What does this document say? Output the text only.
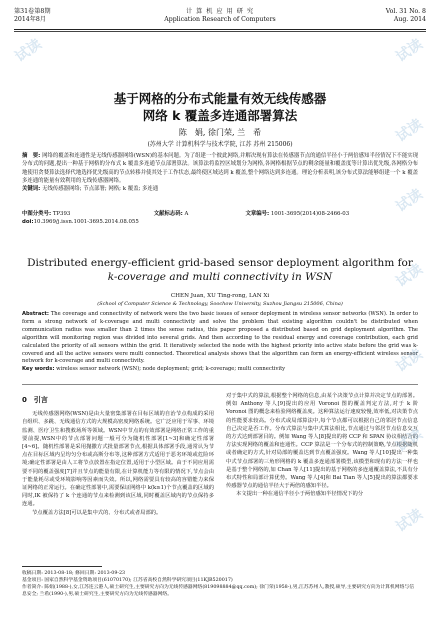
第31卷第8期
2014年8月
计 算 机 应 用 研 究
Application Research of Computers
Vol. 31 No. 8
Aug. 2014
基于网格的分布式能量有效无线传感器
网络 k 覆盖多连通部署算法
陈　娟, 徐门荣, 兰　希
(苏州大学 计算机科学与技术学院, 江苏 苏州 215006)
摘　要: 网络的覆盖和连通性是无线传感器网络(WSN)的基本问题。为了组建一个彼此网络,并解决现有算法在传感器节点的通信半径小于两倍感知半径情况下不能实现分布式的问题,提出一种基于网格的分布式 k 覆盖多连通节点部署算法。该算法将监控区域划分为网格,各网格根据节点的剩余能量和覆盖度等计算出优先级,各网格分布地使用贪婪算法选择代地选择优先级高的节点转移并使其处于工作状态,最终使区域达到 k 覆盖,整个网络达到多连通。理论分析表明,该分布式算法能够组建一个 k 覆盖多连通的能量有效利用的无线传感器网络。
关键词: 无线传感器网络; 节点部署; 网格; k 覆盖; 多连通
中图分类号: TP393	文献标志码: A	文章编号: 1001-3695(2014)08-2466-03
doi:10.3969/j.issn.1001-3695.2014.08.055
Distributed energy-efficient grid-based sensor deployment algorithm for
k-coverage and multi connectivity in WSN
CHEN Juan, XU Ting-rong, LAN Xi
(School of Computer Science & Technology, Soochow University, Suzhou Jiangsu 215006, China)
Abstract: The coverage and connectivity of network were the two basic issues of sensor deployment in wireless sensor networks (WSN). In order to form a strong network of k-coverage and multi connectivity and solve the problem that existing algorithm couldn't be distributed when communication radius was smaller than 2 times the sense radius, this paper proposed a distributed based on grid deployment algorithm. The algorithm will monitoring region was divided into several grids. And then according to the residual energy and coverage contribution, each grid calculated the priority of all sensors within the grid. It iteratively selected the node with the highest priority into active state before the grid was k-covered and all the active sensors were multi connected. Theoretical analysis shows that the algorithm can form an energy-efficient wireless sensor network for k-coverage and multi connectivity.
Key words: wireless sensor network (WSN); node deployment; grid; k-coverage; multi connectivity
0　 引言
无线传感器网络(WSN)是由大量密集部署在目标区域的自治节点构成的采用自组织、多跳、无线通信方式的大规模高密度网络系统。它广泛应用于军事、环境监测、医疗卫生和搜救场所等领域。WSN中节点的有效部署是网络正常工作的重要前提,WSN中的节点部署问题一般可分为随机性部署[1~3]和确定性部署[4~6]。随机性部署是采用抛撒方式批量部署节点,根据具体部署手段,通常认为节点在目标区域内呈均匀分布或高斯分布等,这种部署方式适用于恶劣环境或危险环境;确定性部署是由人工将节点放置在指定位置,适用于小型区域。由于不同应用需要不同的覆盖强度[7]并且节点的能量有限,在计算机能力等有限的情况下,节点会由于能量耗尽或受环境影响等因素而失效。所以,网络需要具有较高的容错能力来保证网络的正常运行。在确定性部署中,需要保证网络中 k(k≥1)个节点覆盖的区域的同时,IK 被保持了 k 个连通的节点来检测到该区域,同时覆盖区域内的节点保持多连通。
节点覆盖方法[8]可以是集中式的、分布式或者局部的。
对于集中式的算法,根据整个网络的信息,由某个决策节点计算并决定节点的部署。例如 Anthony 等人[9]提出的应用 Voronoi 图的覆盖判定方法,对于 k 阶 Voronoi 图的概念来检验网络覆盖度。这种算法运行速度较慢,效率低,对决策节点的性能要求较高。分布式或局部算法中,每个节点都可以根据自己的邻居节点信息自己决定是否工作。分布式算法与集中式算法相比,节点通过与邻居节点信息交互的方式达到部署目的。例如 Wang 等人[8]提出的将 CCP 和 SPAN 协议相结合的方法实现网络的覆盖和连通性。CCP 算法是一个分布式的控制策略,节点根据随机或者确定的方式,针对局部的覆盖达到节点覆盖强度。Wang 等人[10]提出一种集中式节点部署的三角形网格的 k 覆盖多连通部署模型,该模型和现有的方法一样也是基于整个网络的,如 Chan 等人[11]提出的基于网格的多连通覆盖算法,不具有分布式特性和局部计算优势。Wang 等人[4]和 Bai Tian 等人[5]提出的算法都要求传感器节点的通信半径大于两倍的感知半径。
本文提出一种在通信半径小于两倍感知半径情况下的分
收稿日期: 2013-08-18; 修回日期: 2013-09-23
基金项目: 国家自然科学基金资助项目(61070170); 江苏省高校自然科学研究项目(11KJB520017)
作者简介: 陈娟(1988-),女,江苏连云港人,硕士研究生,主要研究方向为无线传感器网络(819098884@qq.com); 徐门荣(1958-),男,江苏苏州人,教授,硕导,主要研究方向为计算机网络与信息安全; 兰希(1990-),男,硕士研究生,主要研究方向为无线传感器网络。
试读	试读
试读
试读
试读
试读
试读
试读
